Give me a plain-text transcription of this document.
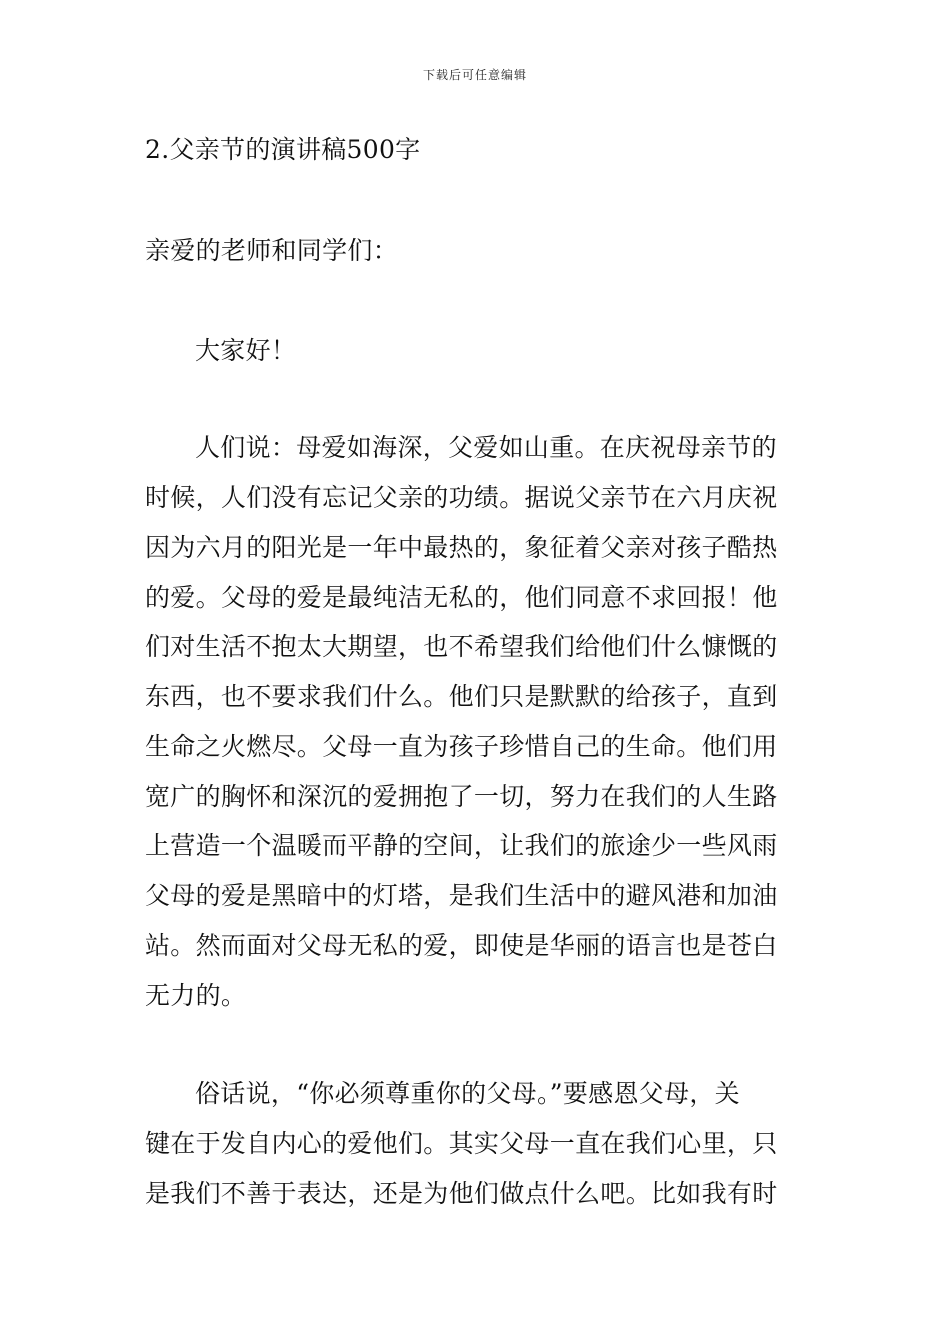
下载后可任意编辑
2.父亲节的演讲稿500字
亲爱的老师和同学们：
大家好！
人们说：母爱如海深，父爱如山重。在庆祝母亲节的
时候，人们没有忘记父亲的功绩。据说父亲节在六月庆祝
因为六月的阳光是一年中最热的，象征着父亲对孩子酷热
的爱。父母的爱是最纯洁无私的，他们同意不求回报！他
们对生活不抱太大期望，也不希望我们给他们什么慷慨的
东西，也不要求我们什么。他们只是默默的给孩子，直到
生命之火燃尽。父母一直为孩子珍惜自己的生命。他们用
宽广的胸怀和深沉的爱拥抱了一切，努力在我们的人生路
上营造一个温暖而平静的空间，让我们的旅途少一些风雨
父母的爱是黑暗中的灯塔，是我们生活中的避风港和加油
站。然而面对父母无私的爱，即使是华丽的语言也是苍白
无力的。
俗话说，“你必须尊重你的父母。”要感恩父母，关
键在于发自内心的爱他们。其实父母一直在我们心里，只
是我们不善于表达，还是为他们做点什么吧。比如我有时
